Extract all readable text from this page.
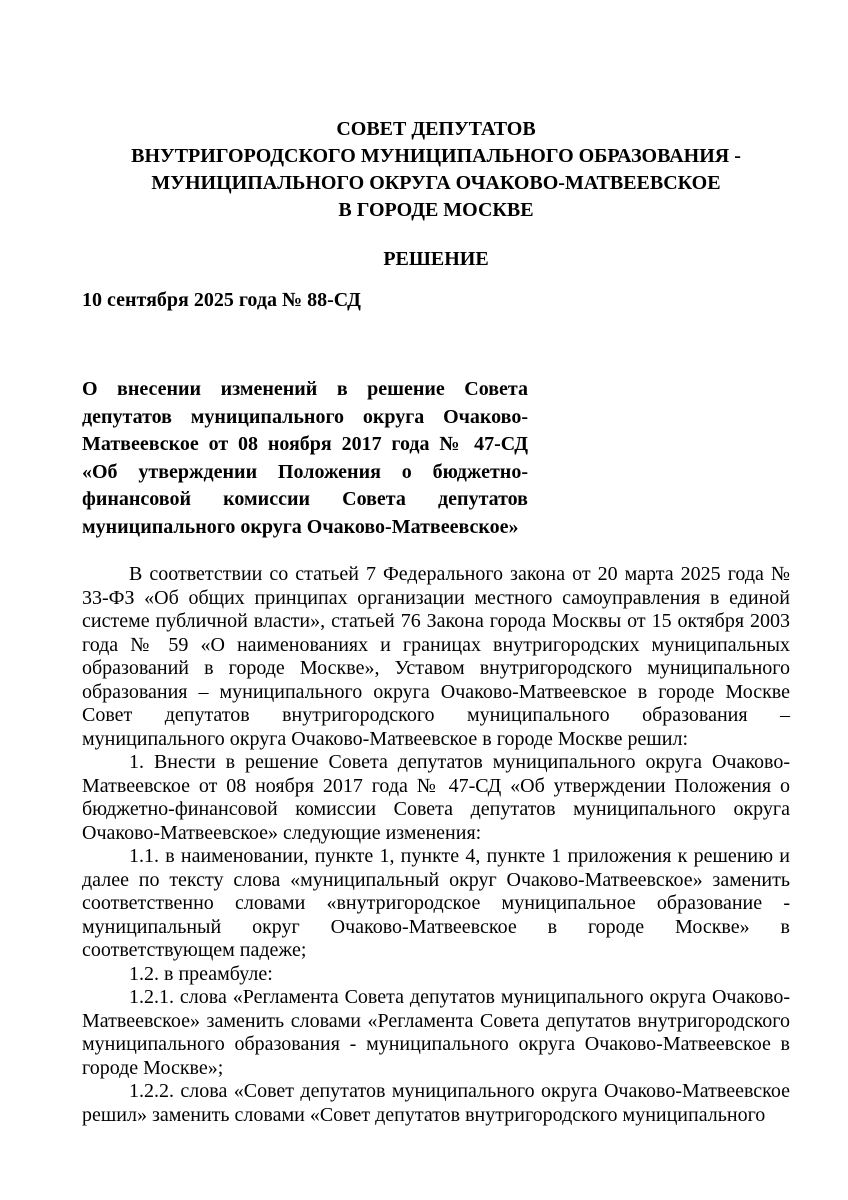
СОВЕТ ДЕПУТАТОВ
ВНУТРИГОРОДСКОГО МУНИЦИПАЛЬНОГО ОБРАЗОВАНИЯ -
МУНИЦИПАЛЬНОГО ОКРУГА ОЧАКОВО-МАТВЕЕВСКОЕ
В ГОРОДЕ МОСКВЕ
РЕШЕНИЕ
10 сентября 2025 года № 88-СД
О внесении изменений в решение Совета депутатов муниципального округа Очаково-Матвеевское от 08 ноября 2017 года № 47-СД «Об утверждении Положения о бюджетно-финансовой комиссии Совета депутатов муниципального округа Очаково-Матвеевское»

В соответствии со статьей 7 Федерального закона от 20 марта 2025 года № 33-ФЗ «Об общих принципах организации местного самоуправления в единой системе публичной власти», статьей 76 Закона города Москвы от 15 октября 2003 года № 59 «О наименованиях и границах внутригородских муниципальных образований в городе Москве», Уставом внутригородского муниципального образования – муниципального округа Очаково-Матвеевское в городе Москве Совет депутатов внутригородского муниципального образования – муниципального округа Очаково-Матвеевское в городе Москве решил:

1. Внести в решение Совета депутатов муниципального округа Очаково-Матвеевское от 08 ноября 2017 года № 47-СД «Об утверждении Положения о бюджетно-финансовой комиссии Совета депутатов муниципального округа Очаково-Матвеевское» следующие изменения:

1.1. в наименовании, пункте 1, пункте 4, пункте 1 приложения к решению и далее по тексту слова «муниципальный округ Очаково-Матвеевское» заменить соответственно словами «внутригородское муниципальное образование - муниципальный округ Очаково-Матвеевское в городе Москве» в соответствующем падеже;

1.2. в преамбуле:

1.2.1. слова «Регламента Совета депутатов муниципального округа Очаково-Матвеевское» заменить словами «Регламента Совета депутатов внутригородского муниципального образования - муниципального округа Очаково-Матвеевское в городе Москве»;

1.2.2. слова «Совет депутатов муниципального округа Очаково-Матвеевское решил» заменить словами «Совет депутатов внутригородского муниципального
